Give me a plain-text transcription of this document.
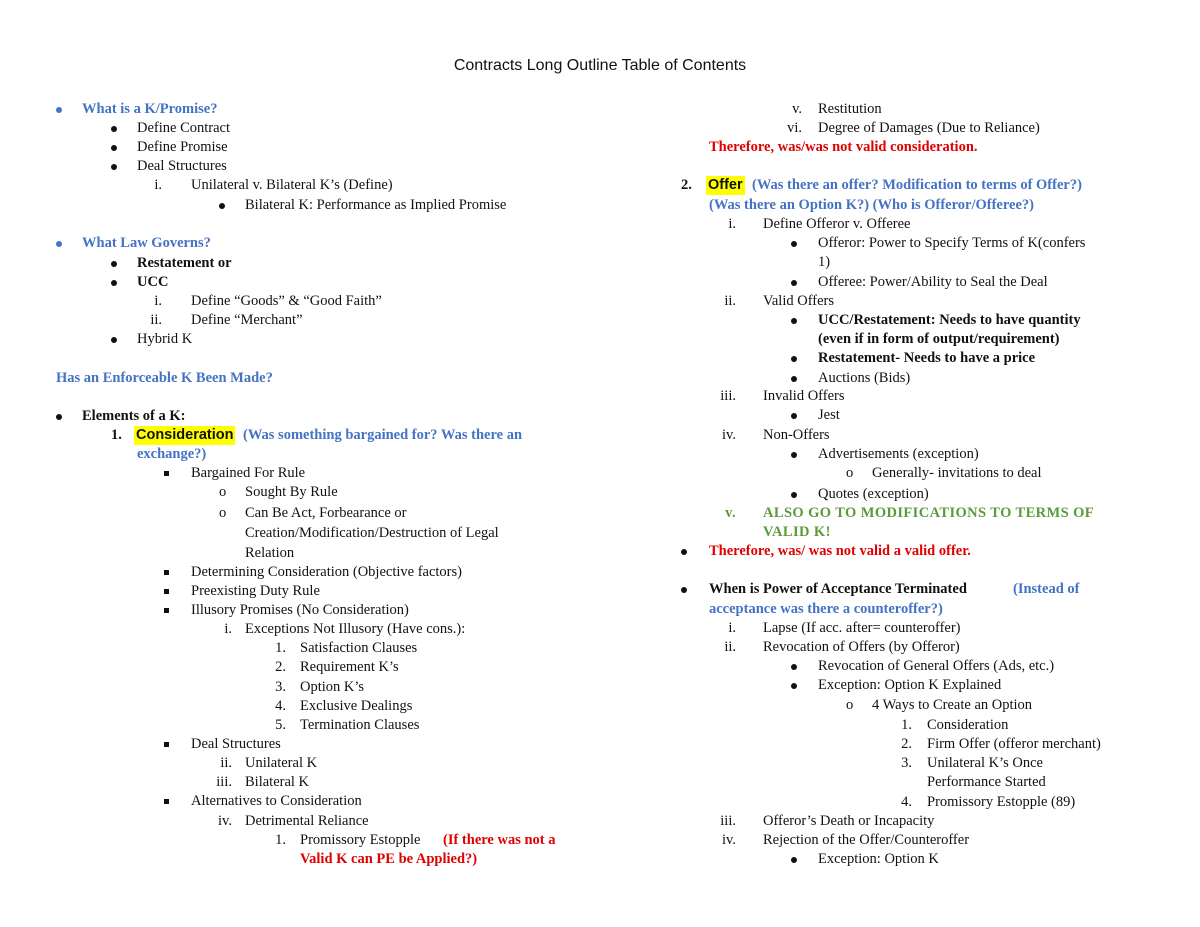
Contracts Long Outline Table of Contents
What is a K/Promise?
Define Contract
Define Promise
Deal Structures
i. Unilateral v. Bilateral K’s (Define)
Bilateral K: Performance as Implied Promise
What Law Governs?
Restatement or
UCC
i. Define “Goods” & “Good Faith”
ii. Define “Merchant”
Hybrid K
Has an Enforceable K Been Made?
Elements of a K:
1. Consideration (Was something bargained for? Was there an
exchange?)
Bargained For Rule
o Sought By Rule
o Can Be Act, Forbearance or
Creation/Modification/Destruction of Legal
Relation
Determining Consideration (Objective factors)
Preexisting Duty Rule
Illusory Promises (No Consideration)
i. Exceptions Not Illusory (Have cons.):
1. Satisfaction Clauses
2. Requirement K’s
3. Option K’s
4. Exclusive Dealings
5. Termination Clauses
Deal Structures
ii. Unilateral K
iii. Bilateral K
Alternatives to Consideration
iv. Detrimental Reliance
1. Promissory Estopple (If there was not a
Valid K can PE be Applied?)
v. Restitution
vi. Degree of Damages (Due to Reliance)
Therefore, was/was not valid consideration.
2. Offer (Was there an offer? Modification to terms of Offer?)
(Was there an Option K?) (Who is Offeror/Offeree?)
i. Define Offeror v. Offeree
Offeror: Power to Specify Terms of K(confers
1)
Offeree: Power/Ability to Seal the Deal
ii. Valid Offers
UCC/Restatement: Needs to have quantity
(even if in form of output/requirement)
Restatement- Needs to have a price
Auctions (Bids)
iii. Invalid Offers
Jest
iv. Non-Offers
Advertisements (exception)
o Generally- invitations to deal
Quotes (exception)
v. ALSO GO TO MODIFICATIONS TO TERMS OF
VALID K!
Therefore, was/ was not valid a valid offer.
When is Power of Acceptance Terminated	(Instead of
acceptance was there a counteroffer?)
i. Lapse (If acc. after= counteroffer)
ii. Revocation of Offers (by Offeror)
Revocation of General Offers (Ads, etc.)
Exception: Option K Explained
o 4 Ways to Create an Option
1. Consideration
2. Firm Offer (offeror merchant)
3. Unilateral K’s Once
Performance Started
4. Promissory Estopple (89)
iii. Offeror’s Death or Incapacity
iv. Rejection of the Offer/Counteroffer
Exception: Option K
